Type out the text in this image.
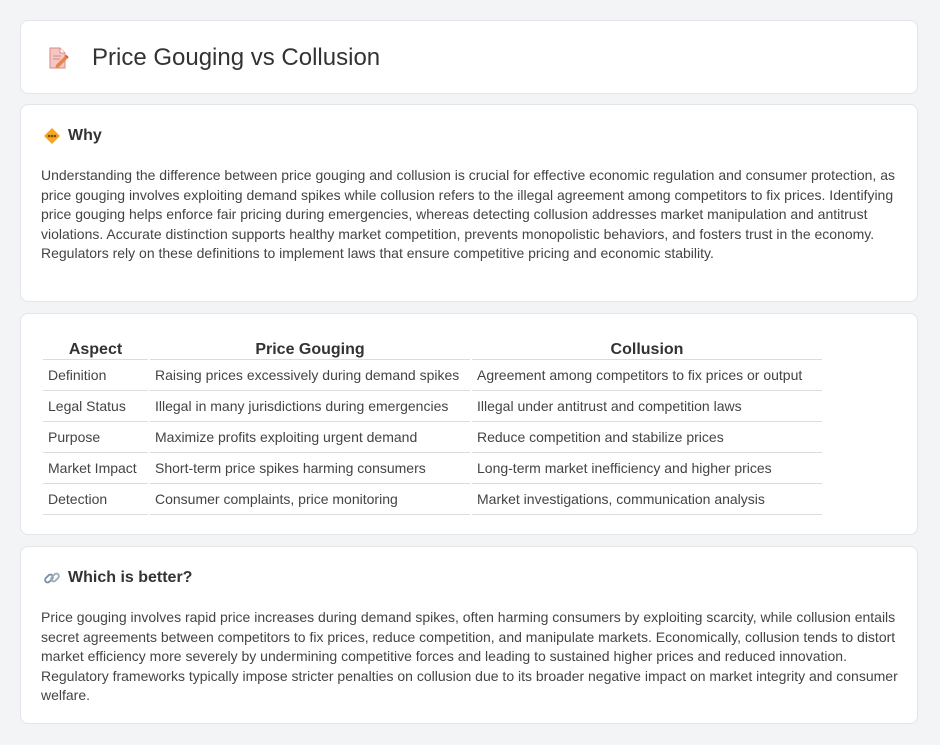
Price Gouging vs Collusion
Why

Understanding the difference between price gouging and collusion is crucial for effective economic regulation and consumer protection, as price gouging involves exploiting demand spikes while collusion refers to the illegal agreement among competitors to fix prices. Identifying price gouging helps enforce fair pricing during emergencies, whereas detecting collusion addresses market manipulation and antitrust violations. Accurate distinction supports healthy market competition, prevents monopolistic behaviors, and fosters trust in the economy. Regulators rely on these definitions to implement laws that ensure competitive pricing and economic stability.

Aspect	Price Gouging	Collusion
Definition	Raising prices excessively during demand spikes	Agreement among competitors to fix prices or output
Legal Status	Illegal in many jurisdictions during emergencies	Illegal under antitrust and competition laws
Purpose	Maximize profits exploiting urgent demand	Reduce competition and stabilize prices
Market Impact	Short-term price spikes harming consumers	Long-term market inefficiency and higher prices
Detection	Consumer complaints, price monitoring	Market investigations, communication analysis
Which is better?

Price gouging involves rapid price increases during demand spikes, often harming consumers by exploiting scarcity, while collusion entails secret agreements between competitors to fix prices, reduce competition, and manipulate markets. Economically, collusion tends to distort market efficiency more severely by undermining competitive forces and leading to sustained higher prices and reduced innovation. Regulatory frameworks typically impose stricter penalties on collusion due to its broader negative impact on market integrity and consumer welfare.
